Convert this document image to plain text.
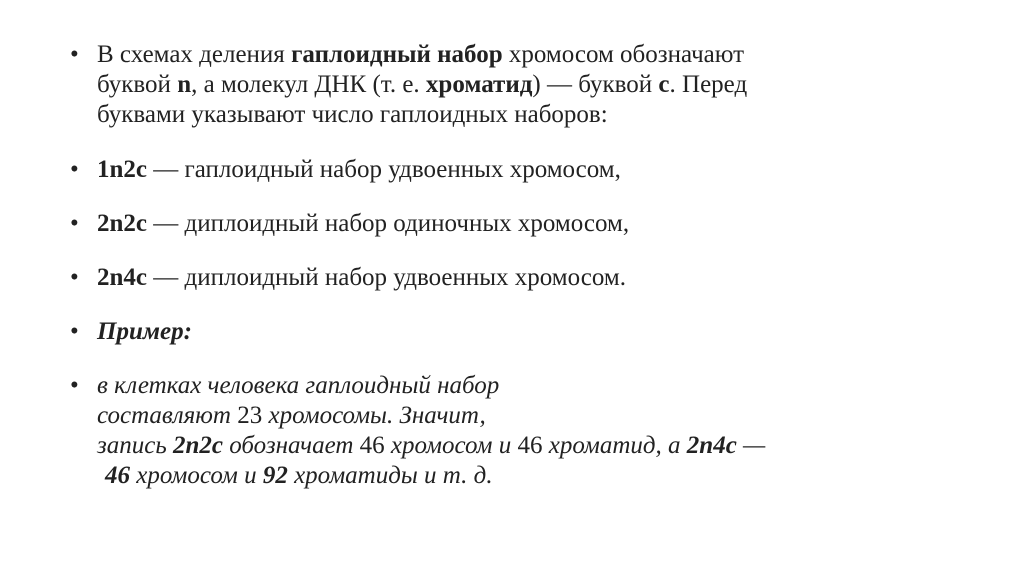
• В схемах деления гаплоидный набор хромосом обозначают
буквой n, а молекул ДНК (т. е. хроматид) — буквой c. Перед
буквами указывают число гаплоидных наборов:
• 1n2c — гаплоидный набор удвоенных хромосом,
• 2n2c — диплоидный набор одиночных хромосом,
• 2n4c — диплоидный набор удвоенных хромосом.
• Пример:
• в клетках человека гаплоидный набор
составляют 23 хромосомы. Значит,
запись 2n2c обозначает 46 хромосом и 46 хроматид, а 2n4c —
46 хромосом и 92 хроматиды и т. д.
